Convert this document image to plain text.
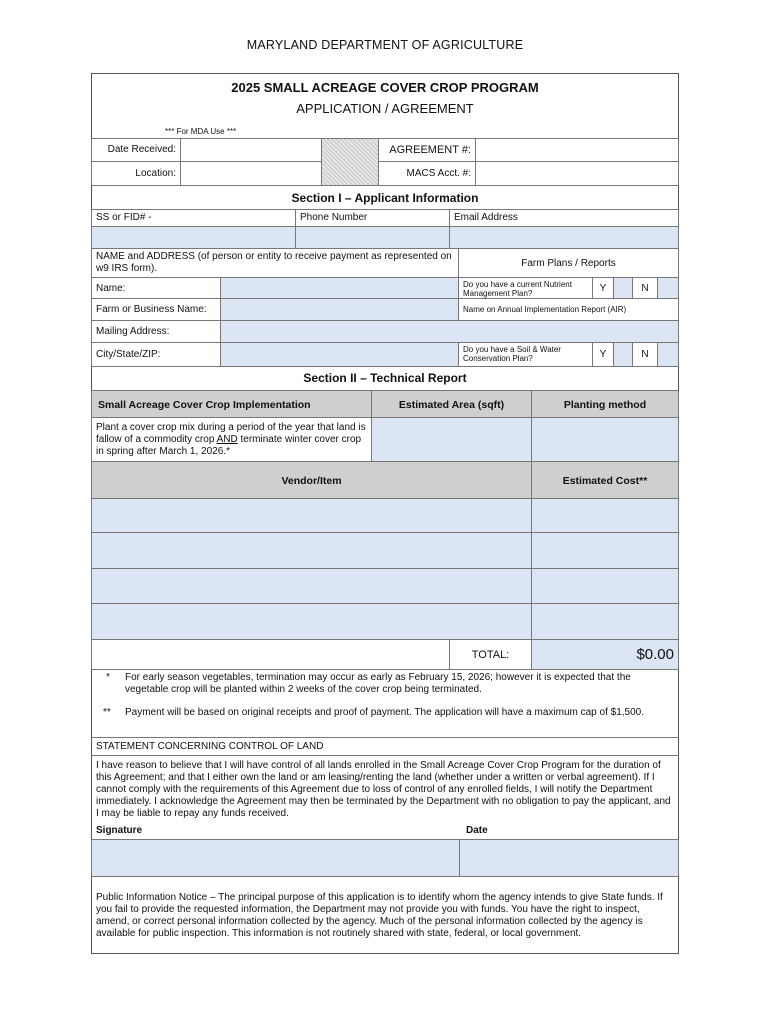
MARYLAND DEPARTMENT OF AGRICULTURE
2025 SMALL ACREAGE COVER CROP PROGRAM
APPLICATION / AGREEMENT
*** For MDA Use ***
Date Received:	AGREEMENT #:
Location:	MACS Acct. #:
Section I – Applicant Information
SS or FID# -	Phone Number	Email Address
NAME and ADDRESS (of person or entity to receive payment as represented on w9 IRS form).	Farm Plans / Reports
Name:	Do you have a current Nutrient Management Plan?	Y	N
Farm or Business Name:	Name on Annual Implementation Report (AIR)
Mailing Address:
City/State/ZIP:	Do you have a Soil & Water Conservation Plan?	Y	N
Section II – Technical Report
Small Acreage Cover Crop Implementation	Estimated Area (sqft)	Planting method
Plant a cover crop mix during a period of the year that land is fallow of a commodity crop AND terminate winter cover crop in spring after March 1, 2026.*
Vendor/Item	Estimated Cost**
TOTAL:	$0.00
* For early season vegetables, termination may occur as early as February 15, 2026; however it is expected that the vegetable crop will be planted within 2 weeks of the cover crop being terminated.
** Payment will be based on original receipts and proof of payment. The application will have a maximum cap of $1,500.
STATEMENT CONCERNING CONTROL OF LAND
I have reason to believe that I will have control of all lands enrolled in the Small Acreage Cover Crop Program for the duration of this Agreement; and that I either own the land or am leasing/renting the land (whether under a written or verbal agreement). If I cannot comply with the requirements of this Agreement due to loss of control of any enrolled fields, I will notify the Department immediately. I acknowledge the Agreement may then be terminated by the Department with no obligation to pay the applicant, and I may be liable to repay any funds received.
Signature	Date
Public Information Notice – The principal purpose of this application is to identify whom the agency intends to give State funds. If you fail to provide the requested information, the Department may not provide you with funds. You have the right to inspect, amend, or correct personal information collected by the agency. Much of the personal information collected by the agency is available for public inspection. This information is not routinely shared with state, federal, or local government.
